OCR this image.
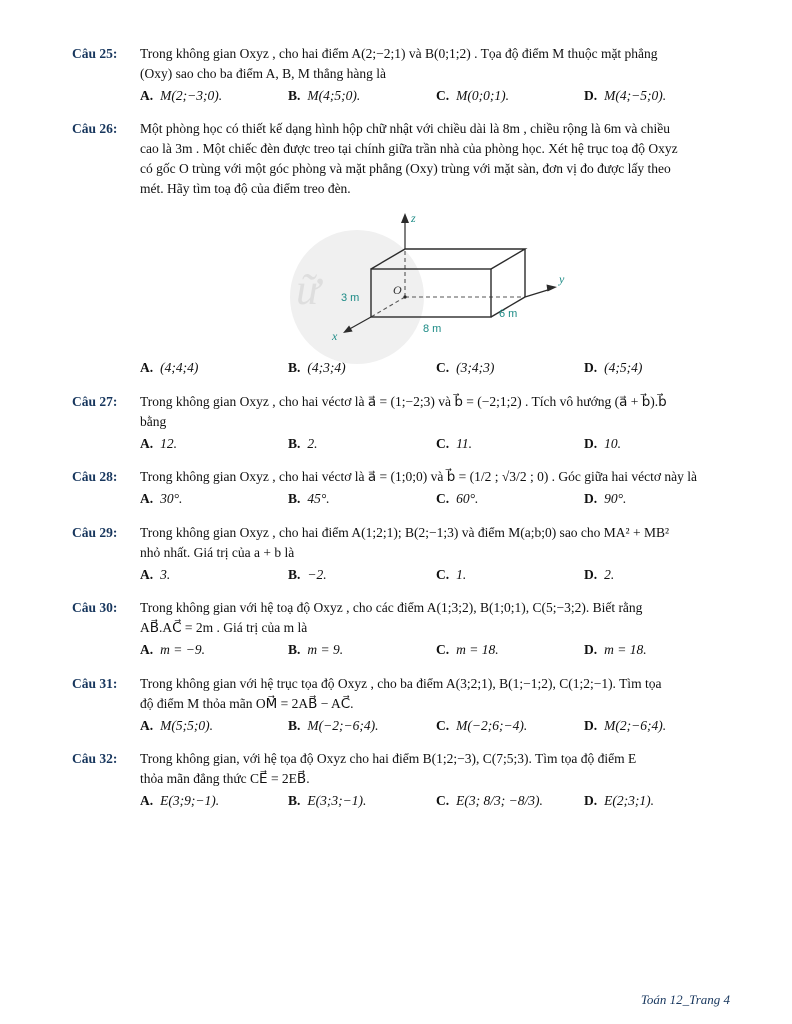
ữ
Câu 25:	Trong không gian Oxyz , cho hai điểm A(2;−2;1) và B(0;1;2) . Tọa độ điểm M thuộc mặt phẳng

(Oxy) sao cho ba điểm A, B, M thẳng hàng là

A. M(2;−3;0).	B. M(4;5;0).	C. M(0;0;1).	D. M(4;−5;0).
Câu 26:	Một phòng học có thiết kế dạng hình hộp chữ nhật với chiều dài là 8m , chiều rộng là 6m và chiều

cao là 3m . Một chiếc đèn được treo tại chính giữa trần nhà của phòng học. Xét hệ trục toạ độ Oxyz

có gốc O trùng với một góc phòng và mặt phẳng (Oxy) trùng với mặt sàn, đơn vị đo được lấy theo

mét. Hãy tìm toạ độ của điểm treo đèn.

z
y
x
O
3 m
8 m
6 m
A. (4;4;4)	B. (4;3;4)	C. (3;4;3)	D. (4;5;4)
Câu 27:	Trong không gian Oxyz , cho hai véctơ là a⃗ = (1;−2;3) và b⃗ = (−2;1;2) . Tích vô hướng (a⃗ + b⃗).b⃗

bằng

A. 12.	B. 2.	C. 11.	D. 10.
Câu 28:	Trong không gian Oxyz , cho hai véctơ là a⃗ = (1;0;0) và b⃗ = (1/2 ; √3/2 ; 0) . Góc giữa hai véctơ này là

A. 30°.	B. 45°.	C. 60°.	D. 90°.
Câu 29:	Trong không gian Oxyz , cho hai điểm A(1;2;1); B(2;−1;3) và điểm M(a;b;0) sao cho MA² + MB²

nhỏ nhất. Giá trị của a + b là

A. 3.	B. −2.	C. 1.	D. 2.
Câu 30:	Trong không gian với hệ toạ độ Oxyz , cho các điểm A(1;3;2), B(1;0;1), C(5;−3;2). Biết rằng

AB⃗.AC⃗ = 2m . Giá trị của m là

A. m = −9.	B. m = 9.	C. m = 18.	D. m = 18.
Câu 31:	Trong không gian với hệ trục tọa độ Oxyz , cho ba điểm A(3;2;1), B(1;−1;2), C(1;2;−1). Tìm tọa

độ điểm M thỏa mãn OM⃗ = 2AB⃗ − AC⃗.

A. M(5;5;0).	B. M(−2;−6;4).	C. M(−2;6;−4).	D. M(2;−6;4).
Câu 32:	Trong không gian, với hệ tọa độ Oxyz cho hai điểm B(1;2;−3), C(7;5;3). Tìm tọa độ điểm E

thỏa mãn đẳng thức CE⃗ = 2EB⃗.

A. E(3;9;−1).	B. E(3;3;−1).	C. E(3; 8/3; −8/3).	D. E(2;3;1).
Toán 12_Trang 4
